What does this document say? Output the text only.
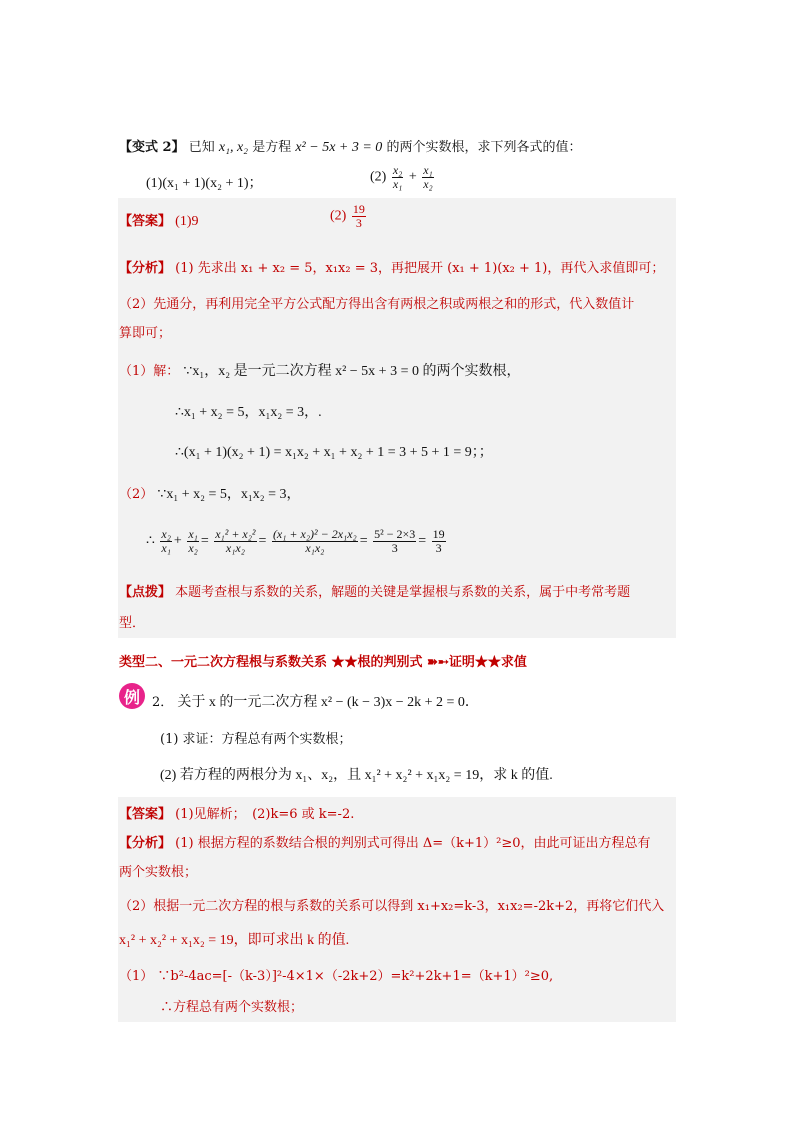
【变式 2】 已知 x₁, x₂ 是方程 x² − 5x + 3 = 0 的两个实数根，求下列各式的值：
(1)(x₁ + 1)(x₂ + 1)；	$(2) \frac{\text{x₂}}{\text{x₁}} + \frac{\text{x₁}}{\text{x₂}}$
【答案】 (1)9	$(2) \frac{19}{3}$
【分析】 (1) 先求出 x₁ + x₂ = 5，x₁x₂ = 3，再把展开 (x₁ + 1)(x₂ + 1)，再代入求值即可；
（2）先通分，再利用完全平方公式配方得出含有两根之积或两根之和的形式，代入数值计
算即可；
（1）解： ∵x₁，x₂ 是一元二次方程 x² − 5x + 3 = 0 的两个实数根，
∴x₁ + x₂ = 5，x₁x₂ = 3，.
∴(x₁ + 1)(x₂ + 1) = x₁x₂ + x₁ + x₂ + 1 = 3 + 5 + 1 = 9；；
（2） ∵x₁ + x₂ = 5，x₁x₂ = 3，
∴ $\frac{\text{x₂}}{\text{x₁}} + \frac{\text{x₁}}{\text{x₂}} = \frac{\text{x₁² + x₂²}}{\text{x₁x₂}} = \frac{\text{(x₁ + x₂)² − 2x₁x₂}}{\text{x₁x₂}} = \frac{\text{5² − 2×3}}{3} = \frac{19}{3}$
【点拨】 本题考查根与系数的关系，解题的关键是掌握根与系数的关系，属于中考常考题
型．
类型二、一元二次方程根与系数关系 ★★根的判别式 ➽➸证明★★求值
例 2． 关于 x 的一元二次方程 x² − (k − 3)x − 2k + 2 = 0．
(1) 求证：方程总有两个实数根；
(2) 若方程的两根分为 x₁、x₂，且 x₁² + x₂² + x₁x₂ = 19，求 k 的值.
【答案】 (1)见解析；　(2)k=6 或 k=-2.
【分析】 (1) 根据方程的系数结合根的判别式可得出 Δ=（k+1）²≥0，由此可证出方程总有
两个实数根；
（2）根据一元二次方程的根与系数的关系可以得到 x₁+x₂=k-3，x₁x₂=-2k+2，再将它们代入
x₁² + x₂² + x₁x₂ = 19，即可求出 k 的值.
（1） ∵b²-4ac=[-（k-3）]²-4×1×（-2k+2）=k²+2k+1=（k+1）²≥0,
∴方程总有两个实数根；
